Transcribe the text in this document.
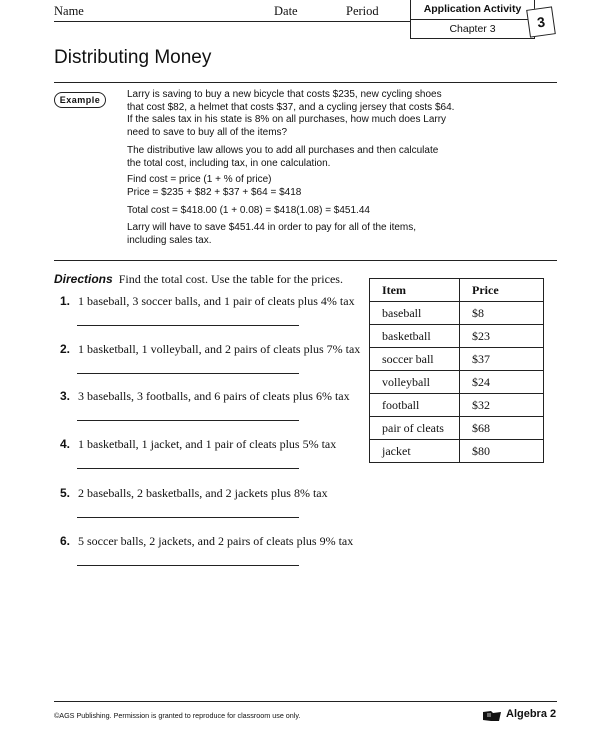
Name	Date	Period	Application Activity
Chapter 3	3
Distributing Money
Example	Larry is saving to buy a new bicycle that costs $235, new cycling shoes

that cost $82, a helmet that costs $37, and a cycling jersey that costs $64.

If the sales tax in his state is 8% on all purchases, how much does Larry

need to save to buy all of the items?

The distributive law allows you to add all purchases and then calculate

the total cost, including tax, in one calculation.

Find cost = price (1 + % of price)

Price = $235 + $82 + $37 + $64 = $418

Total cost = $418.00 (1 + 0.08) = $418(1.08) = $451.44

Larry will have to save $451.44 in order to pay for all of the items,

including sales tax.

Directions Find the total cost. Use the table for the prices.
1. 1 baseball, 3 soccer balls, and 1 pair of cleats plus 4% tax
2. 1 basketball, 1 volleyball, and 2 pairs of cleats plus 7% tax
3. 3 baseballs, 3 footballs, and 6 pairs of cleats plus 6% tax
4. 1 basketball, 1 jacket, and 1 pair of cleats plus 5% tax
5. 2 baseballs, 2 basketballs, and 2 jackets plus 8% tax
6. 5 soccer balls, 2 jackets, and 2 pairs of cleats plus 9% tax
Item	Price
baseball	$8
basketball	$23
soccer ball	$37
volleyball	$24
football	$32
pair of cleats	$68
jacket	$80
©AGS Publishing. Permission is granted to reproduce for classroom use only.	Algebra 2
